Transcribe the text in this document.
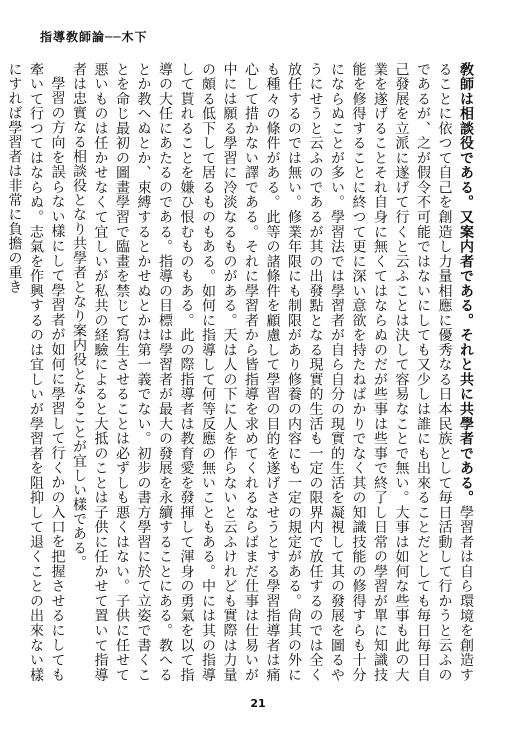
指導敎師論──木下

敎師は相談役である。又案内者である。それと共に共學者である。學習者は自ら環境を創造することに依つて自己を創造し力量相應に優秀なる日本民族として毎日活動して行かうと云ふのであるが、之が假令不可能ではないにしても又少しは誰にも出來ることだとしても毎日毎日自己發展を立派に遂げて行くと云ふことは決して容易なことで無い。大事は如何な些事も此の大業を遂げることそれ自身に無くてはならぬのだが些事は些事で終了し日常の學習が單に知識技能を修得することに終つて更に深い意欲を持たねばかりでなく其の知識技能の修得すらも十分にならぬことが多い。學習法では學習者が自ら自分の現實的生活を凝視して其の發展を圖るやうにせうと云ふのであるが其の出發點となる現實的生活も一定の限界内で放任するのでは全く放任するのでは無い。修業年限にも制限があり修養の内容にも一定の規定がある。尙其の外にも種々の條件がある。此等の諸條件を顧慮して學習の目的を遂げさせうとする學習指導者は痛心して措かない譯である。それに學習者から皆指導を求めてくれるならばまだ仕事は仕易いが中には願る學習に冷淡なるものがある。天は人の下に人を作らないと云ふけれども實際は力量の頗る低下して居るものもある。如何に指導して何等反應の無いこともある。中には其の指導して貰れることを嫌ひ恨むものもある。此の際指導者は教育愛を發揮して渾身の勇氣を以て指導の大任にあたるのである。指導の目標は學習者が最大の發展を永續することにある。教へるとか教へぬとか、束縛するとかせぬとかは第一義でない。初步の書方學習に於て立姿で書くことを命じ最初の圖畫學習で臨畫を禁じて寫生させることは必ずしも悪くはない。子供に任せて悪いものは任かせなくて宜しいが私共の経驗によると大抵のことは子供に任かせて置いて指導者は忠實なる相談役となり共學者となり案内役となることが宜しい樣である。

學習の方向を誤らない樣にして學習者が如何に學習して行くかの入口を把握させるにしても牽いて行つてはならぬ。志氣を作興するのは宜しいが學習者を阻抑して退くことの出來ない樣にすれば學習者は非常に負擔の重き

21
